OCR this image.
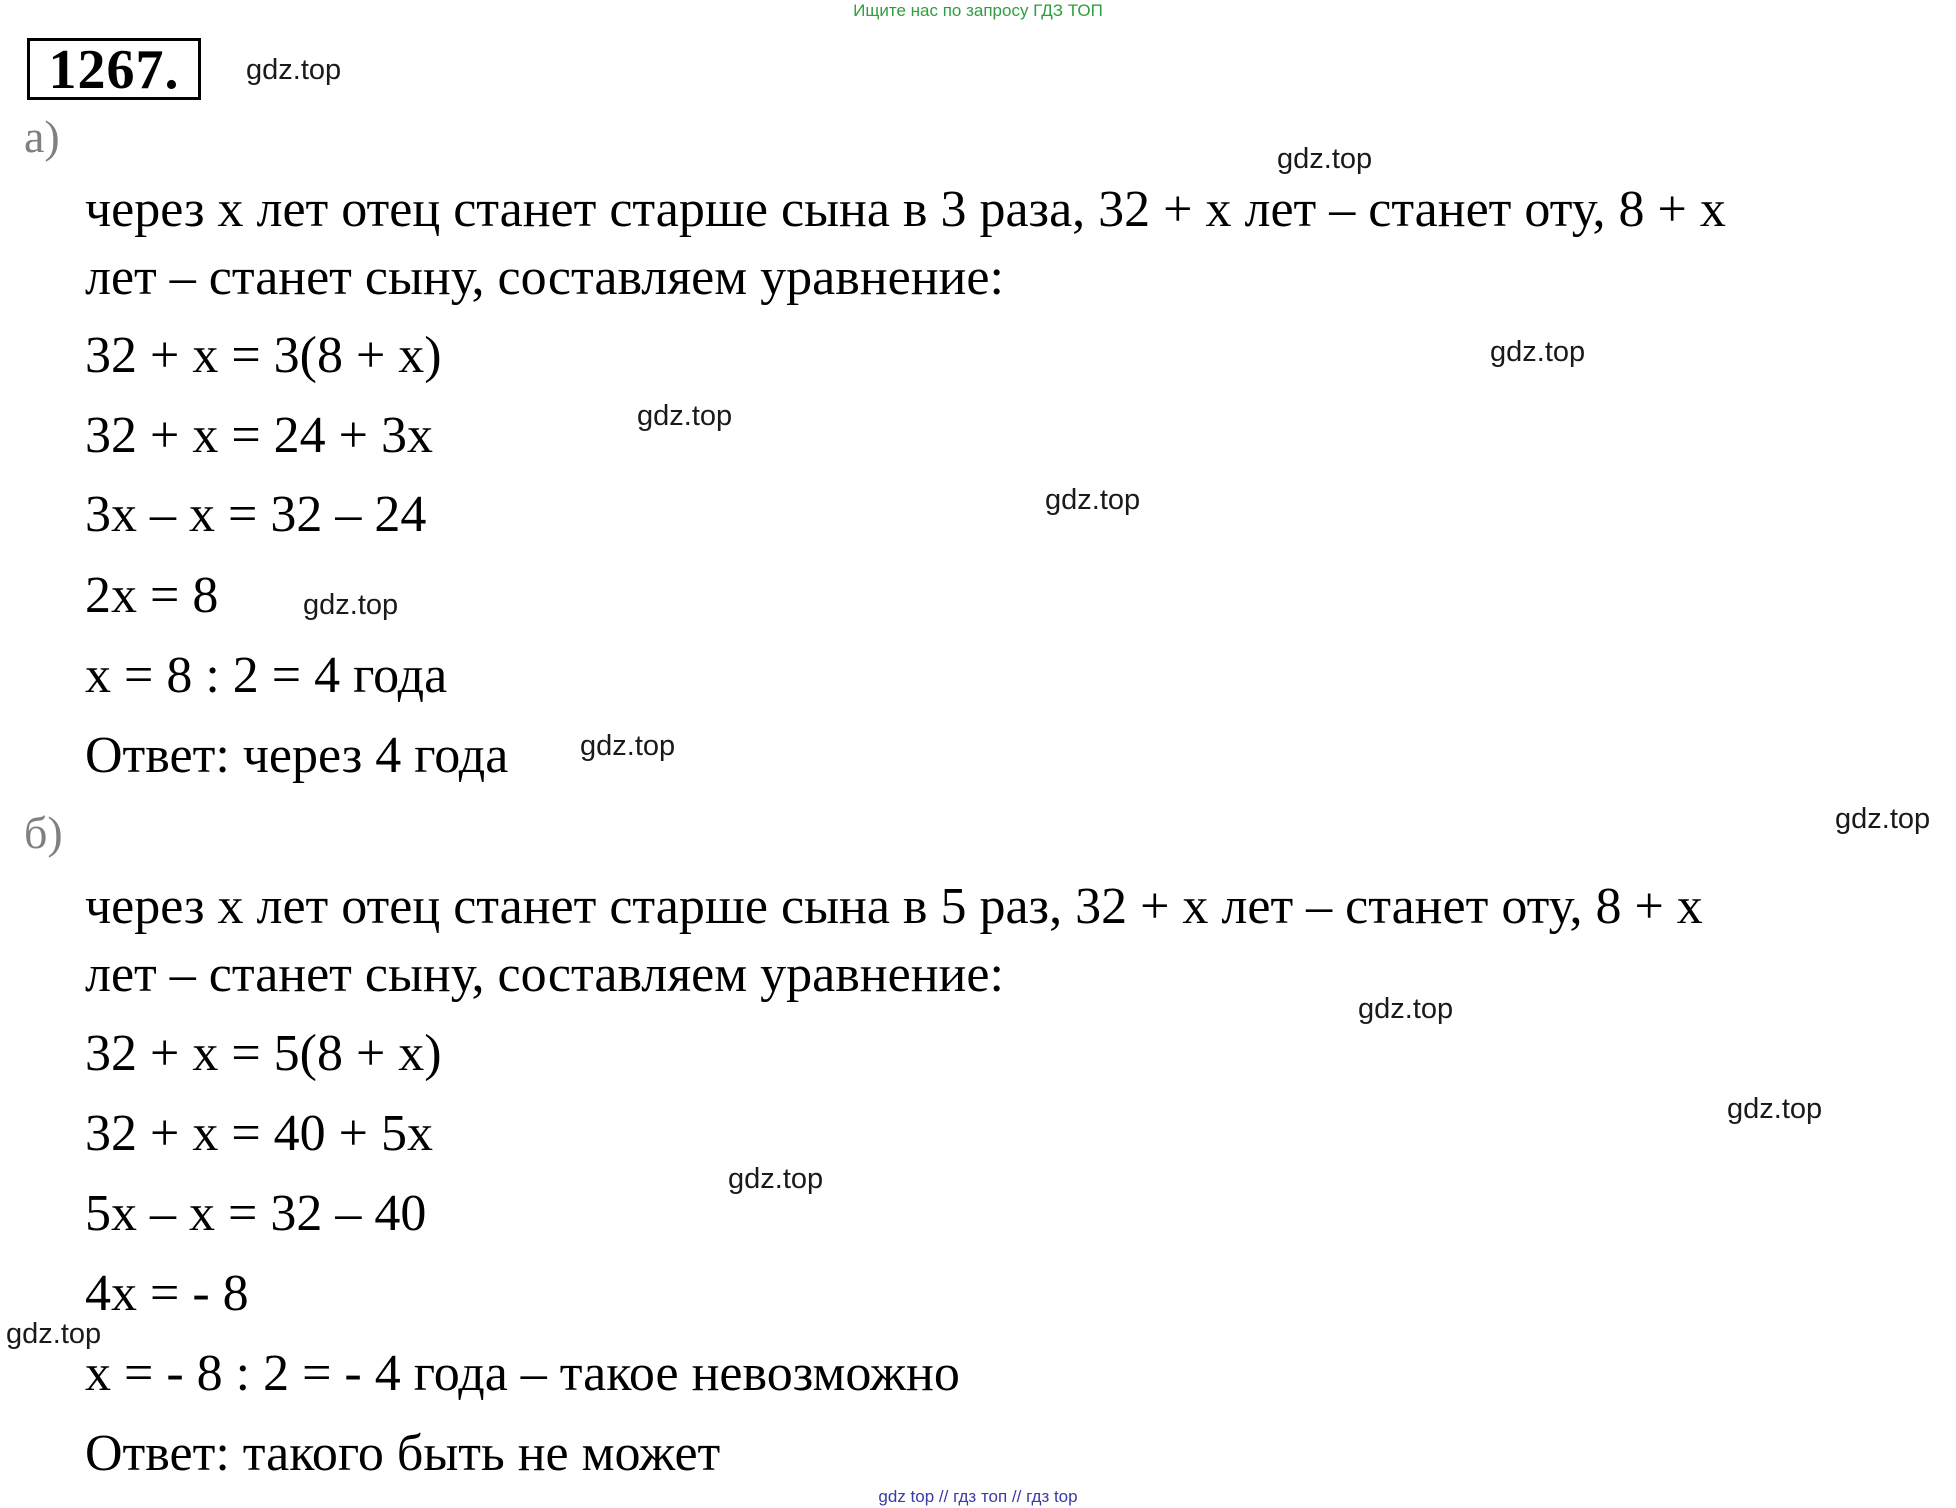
Ищите нас по запросу ГДЗ ТОП
1267.	gdz.top
gdz.top
gdz.top
gdz.top
gdz.top
gdz.top
gdz.top
gdz.top
gdz.top
gdz.top
gdz.top
gdz.top
а)
через x лет отец станет старше сына в 3 раза, 32 + x лет – станет оту, 8 + x
лет – станет сыну, составляем уравнение:
32 + x = 3(8 + x)
32 + x = 24 + 3x
3x – x = 32 – 24
2x = 8
x = 8 : 2 = 4 года
Ответ: через 4 года
б)
через x лет отец станет старше сына в 5 раз, 32 + x лет – станет оту, 8 + x
лет – станет сыну, составляем уравнение:
32 + x = 5(8 + x)
32 + x = 40 + 5x
5x – x = 32 – 40
4x = - 8
x = - 8 : 2 = - 4 года – такое невозможно
Ответ: такого быть не может
gdz top // гдз топ // гдз top
